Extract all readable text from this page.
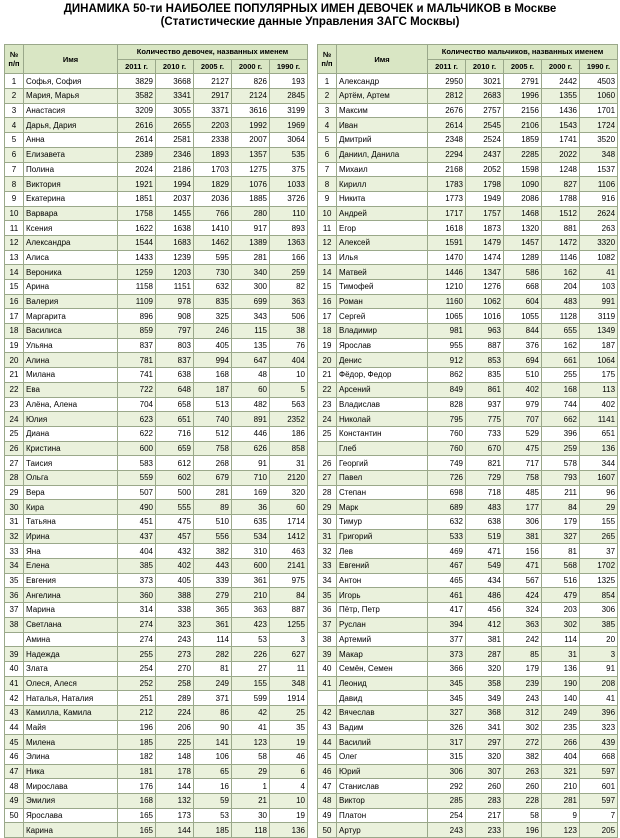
ДИНАМИКА 50-ти НАИБОЛЕЕ ПОПУЛЯРНЫХ ИМЕН ДЕВОЧЕК и МАЛЬЧИКОВ в Москве
(Статистические данные Управления ЗАГС Москвы)
№ п/п	Имя	Количество девочек, названных именем				
		2011 г.	2010 г.	2005 г.	2000 г.	1990 г.
1	Софья, София	3829	3668	2127	826	193
2	Мария, Марья	3582	3341	2917	2124	2845
3	Анастасия	3209	3055	3371	3616	3199
4	Дарья, Дария	2616	2655	2203	1992	1969
5	Анна	2614	2581	2338	2007	3064
6	Елизавета	2389	2346	1893	1357	535
7	Полина	2024	2186	1703	1275	375
8	Виктория	1921	1994	1829	1076	1033
9	Екатерина	1851	2037	2036	1885	3726
10	Варвара	1758	1455	766	280	110
11	Ксения	1622	1638	1410	917	893
12	Александра	1544	1683	1462	1389	1363
13	Алиса	1433	1239	595	281	166
14	Вероника	1259	1203	730	340	259
15	Арина	1158	1151	632	300	82
16	Валерия	1109	978	835	699	363
17	Маргарита	896	908	325	343	506
18	Василиса	859	797	246	115	38
19	Ульяна	837	803	405	135	76
20	Алина	781	837	994	647	404
21	Милана	741	638	168	48	10
22	Ева	722	648	187	60	5
23	Алёна, Алена	704	658	513	482	563
24	Юлия	623	651	740	891	2352
25	Диана	622	716	512	446	186
26	Кристина	600	659	758	626	858
27	Таисия	583	612	268	91	31
28	Ольга	559	602	679	710	2120
29	Вера	507	500	281	169	320
30	Кира	490	555	89	36	60
31	Татьяна	451	475	510	635	1714
32	Ирина	437	457	556	534	1412
33	Яна	404	432	382	310	463
34	Елена	385	402	443	600	2141
35	Евгения	373	405	339	361	975
36	Ангелина	360	388	279	210	84
37	Марина	314	338	365	363	887
38	Светлана	274	323	361	423	1255
	Амина	274	243	114	53	3
39	Надежда	255	273	282	226	627
40	Злата	254	270	81	27	11
41	Олеся, Алеся	252	258	249	155	348
42	Наталья, Наталия	251	289	371	599	1914
43	Камилла, Камила	212	224	86	42	25
44	Майя	196	206	90	41	35
45	Милена	185	225	141	123	19
46	Элина	182	148	106	58	46
47	Ника	181	178	65	29	6
48	Мирослава	176	144	16	1	4
49	Эмилия	168	132	59	21	10
50	Ярослава	165	173	53	30	19
	Карина	165	144	185	118	136
№ п/п	Имя	Количество мальчиков, названных именем				
		2011 г.	2010 г.	2005 г.	2000 г.	1990 г.
1	Александр	2950	3021	2791	2442	4503
2	Артём, Артем	2812	2683	1996	1355	1060
3	Максим	2676	2757	2156	1436	1701
4	Иван	2614	2545	2106	1543	1724
5	Дмитрий	2348	2524	1859	1741	3520
6	Даниил, Данила	2294	2437	2285	2022	348
7	Михаил	2168	2052	1598	1248	1537
8	Кирилл	1783	1798	1090	827	1106
9	Никита	1773	1949	2086	1788	916
10	Андрей	1717	1757	1468	1512	2624
11	Егор	1618	1873	1320	881	263
12	Алексей	1591	1479	1457	1472	3320
13	Илья	1470	1474	1289	1146	1082
14	Матвей	1446	1347	586	162	41
15	Тимофей	1210	1276	668	204	103
16	Роман	1160	1062	604	483	991
17	Сергей	1065	1016	1055	1128	3119
18	Владимир	981	963	844	655	1349
19	Ярослав	955	887	376	162	187
20	Денис	912	853	694	661	1064
21	Фёдор, Федор	862	835	510	255	175
22	Арсений	849	861	402	168	113
23	Владислав	828	937	979	744	402
24	Николай	795	775	707	662	1141
25	Константин	760	733	529	396	651
	Глеб	760	670	475	259	136
26	Георгий	749	821	717	578	344
27	Павел	726	729	758	793	1607
28	Степан	698	718	485	211	96
29	Марк	689	483	177	84	29
30	Тимур	632	638	306	179	155
31	Григорий	533	519	381	327	265
32	Лев	469	471	156	81	37
33	Евгений	467	549	471	568	1702
34	Антон	465	434	567	516	1325
35	Игорь	461	486	424	479	854
36	Пётр, Петр	417	456	324	203	306
37	Руслан	394	412	363	302	385
38	Артемий	377	381	242	114	20
39	Макар	373	287	85	31	3
40	Семён, Семен	366	320	179	136	91
41	Леонид	345	358	239	190	208
	Давид	345	349	243	140	41
42	Вячеслав	327	368	312	249	396
43	Вадим	326	341	302	235	323
44	Василий	317	297	272	266	439
45	Олег	315	320	382	404	668
46	Юрий	306	307	263	321	597
47	Станислав	292	260	260	210	601
48	Виктор	285	283	228	281	597
49	Платон	254	217	58	9	7
50	Артур	243	233	196	123	205
